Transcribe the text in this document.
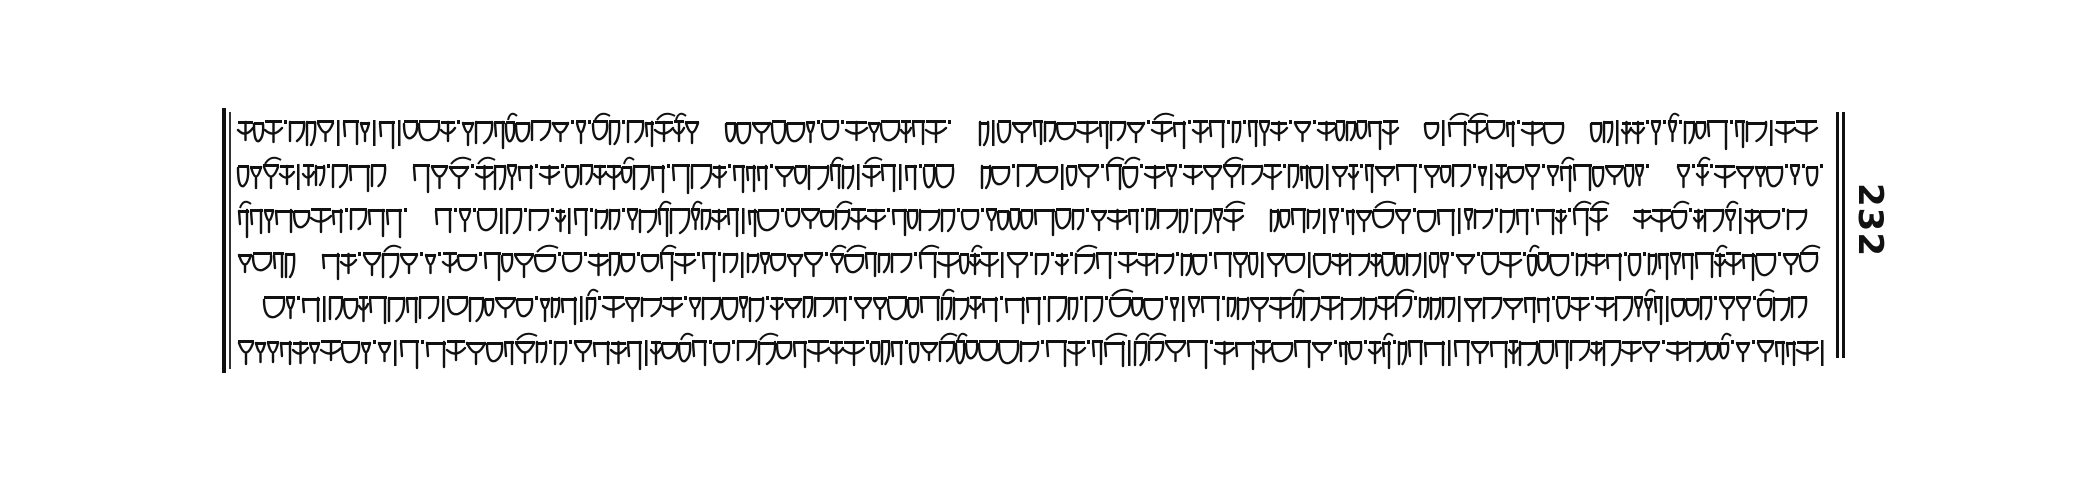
232
